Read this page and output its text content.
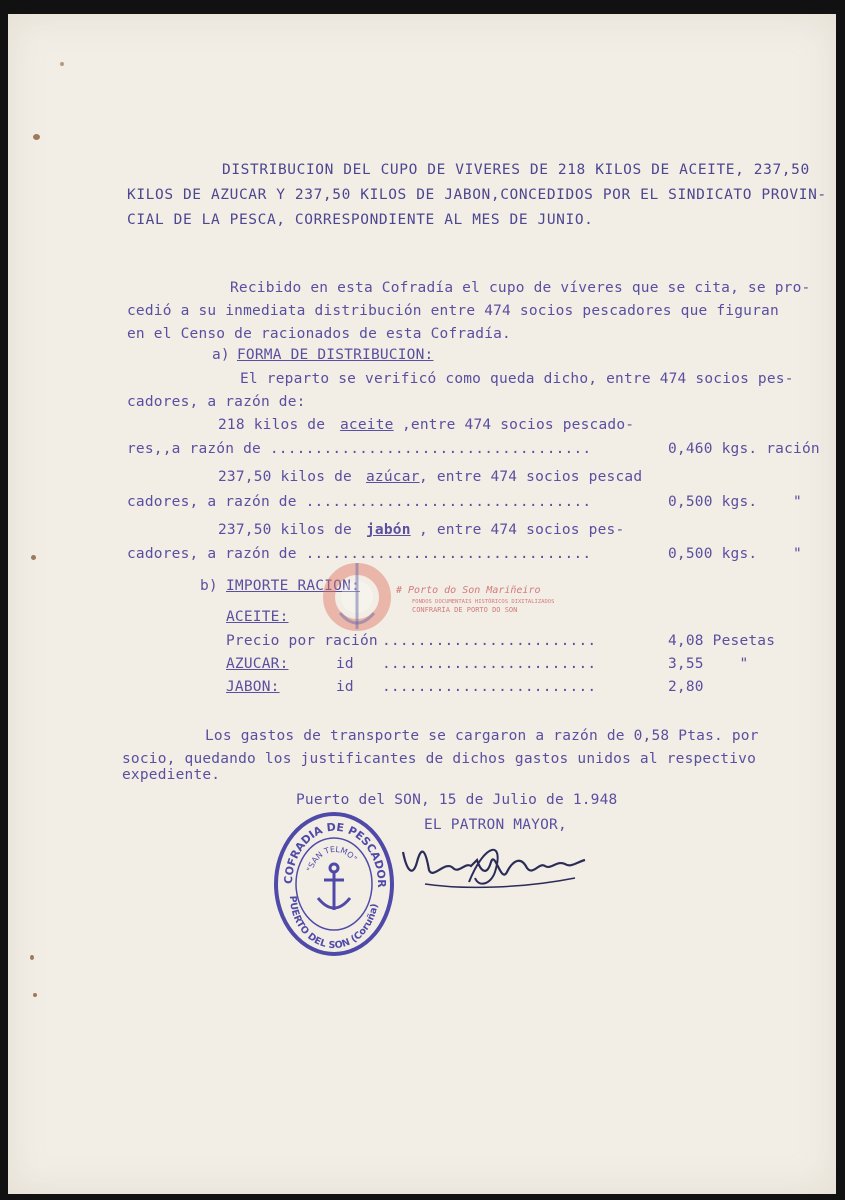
DISTRIBUCION DEL CUPO DE VIVERES DE 218 KILOS DE ACEITE, 237,50
KILOS DE AZUCAR Y 237,50 KILOS DE JABON,CONCEDIDOS POR EL SINDICATO PROVIN-
CIAL DE LA PESCA, CORRESPONDIENTE AL MES DE JUNIO.
Recibido en esta Cofradía el cupo de víveres que se cita, se pro-
cedió a su inmediata distribución entre 474 socios pescadores que figuran
en el Censo de racionados de esta Cofradía.
a) FORMA DE DISTRIBUCION:
El reparto se verificó como queda dicho, entre 474 socios pes-
cadores, a razón de:
218 kilos de aceite ,entre 474 socios pescado-
res,,a razón de ....................................	0,460 kgs. ración
237,50 kilos de azúcar , entre 474 socios pescad
cadores, a razón de ................................	0,500 kgs.    "
237,50 kilos de jabón , entre 474 socios pes-
cadores, a razón de ................................	0,500 kgs.    "
b) IMPORTE RACION:
ACEITE:
Precio por ración ........................	4,08 Pesetas
AZUCAR:	id ........................	3,55    "
JABON:	id ........................	2,80
Los gastos de transporte se cargaron a razón de 0,58 Ptas. por
socio, quedando los justificantes de dichos gastos unidos al respectivo
expediente.
Puerto del SON, 15 de Julio de 1.948
EL PATRON MAYOR,
# Porto do Son Mariñeiro
FONDOS DOCUMENTAIS HISTÓRICOS DIXITALIZADOS
CONFRARÍA DE PORTO DO SON
COFRADIA DE PESCADOR
PUERTO DEL SON (Coruña)
"SAN TELMO"
